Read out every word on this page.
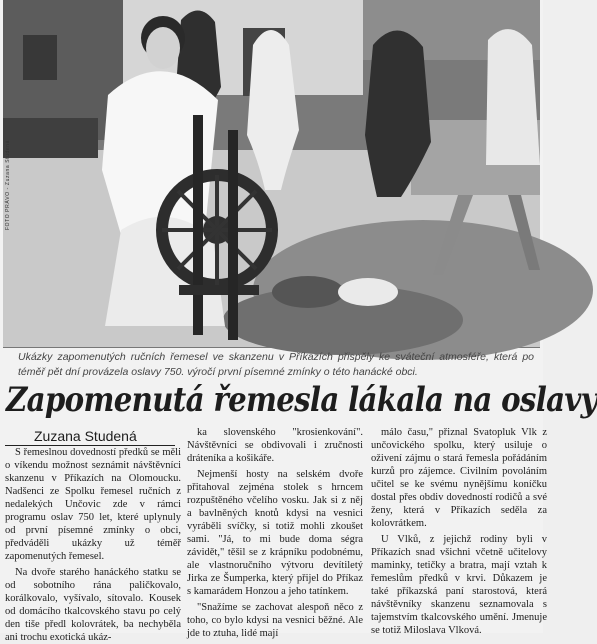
FOTO PRÁVO - Zuzana Studená
Ukázky zapomenutých ručních řemesel ve skanzenu v Příkazích přispěly ke sváteční atmosféře, která po téměř pět dní provázela oslavy 750. výročí první písemné zmínky o této hanácké obci.
Zapomenutá řemesla lákala na oslavy
Zuzana Studená

S řemeslnou dovedností předků se měli o víkendu možnost seznámit návštěvníci skanzenu v Příkazích na Olomoucku. Nadšenci ze Spolku řemesel ručních z nedalekých Unčovic zde v rámci programu oslav 750 let, které uplynuly od první písemné zmínky o obci, předváděli ukázky už téměř zapomenutých řemesel.

Na dvoře starého hanáckého statku se od sobotního rána paličkovalo, korálkovalo, vyšívalo, sítovalo. Kousek od domácího tkalcovského stavu po celý den tiše předl kolovrátek, ba nechyběla ani trochu exotická ukáz-

ka slovenského "krosienkování". Návštěvníci se obdivovali i zručnosti dráteníka a košikáře.

Nejmenší hosty na selském dvoře přitahoval zejména stolek s hrncem rozpuštěného včelího vosku. Jak si z něj a bavlněných knotů kdysi na vesnici vyráběli svíčky, si totiž mohli zkoušet sami. "Já, to mi bude doma ségra závidět," těšil se z krápníku podobnému, ale vlastnoručního výtvoru devítiletý Jirka ze Šumperka, který přijel do Příkaz s kamarádem Honzou a jeho tatínkem.

"Snažíme se zachovat alespoň něco z toho, co bylo kdysi na vesnici běžné. Ale jde to ztuha, lidé mají

málo času," přiznal Svatopluk Vlk z unčovického spolku, který usiluje o oživení zájmu o stará řemesla pořádáním kurzů pro zájemce. Civilním povoláním učitel se ke svému nynějšímu koníčku dostal přes obdiv dovedností rodičů a své ženy, která v Příkazích seděla za kolovrátkem.

U Vlků, z jejichž rodiny byli v Příkazích snad všichni včetně učitelovy maminky, tetičky a bratra, mají vztah k řemeslům předků v krvi. Důkazem je také příkazská paní starostová, která návštěvníky skanzenu seznamovala s tajemstvím tkalcovského umění. Jmenuje se totiž Miloslava Vlková.
